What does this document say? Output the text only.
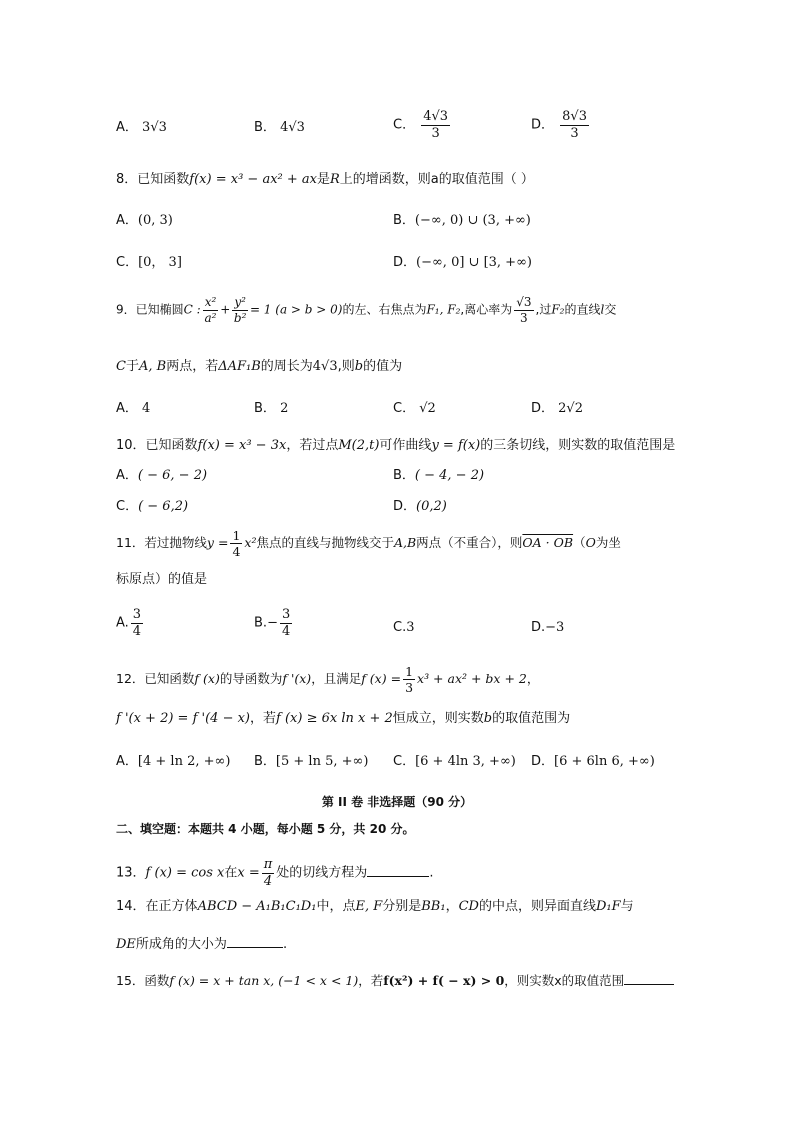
A． 3√3	B． 4√3	C． $\frac{4√3}{3}$	D． $\frac{8√3}{3}$
8．已知函数f(x) = x³ − ax² + ax是R上的增函数，则a的取值范围（ ）
A．(0, 3)	B．(−∞, 0) ∪ (3, +∞)
C．[0， 3]	D．(−∞, 0] ∪ [3, +∞)
9．已知椭圆C : $\frac{\text{x²}}{\text{a²}} + \frac{\text{y²}}{\text{b²}} = 1$ (a > b > 0)的左、右焦点为F₁, F₂,离心率为 $\frac{√3}{3}$ ,过F₂的直线l交
C于A, B两点，若ΔAF₁B的周长为4√3,则b的值为
A． 4	B． 2	C． √2	D． 2√2
10．已知函数f(x) = x³ − 3x，若过点M(2,t)可作曲线y = f(x)的三条切线，则实数的取值范围是
A．( − 6, − 2)	B．( − 4, − 2)
C．( − 6,2)	D．(0,2)
11．若过抛物线$y = \frac{1}{4} x^2$焦点的直线与抛物线交于A,B两点（不重合），则OA · OB（O为坐
标原点）的值是
A. $\frac{3}{4}$	$B.- \frac{3}{4}$	C.3	D.−3
12．已知函数f (x)的导函数为f '(x)，且满足f $(x) = \frac{1}{3} x^3 + ax^2$ + bx + 2，
f '(x + 2) = f '(4 − x)，若f (x) ≥ 6x ln x + 2恒成立，则实数b的取值范围为
A．[4 + ln 2, +∞) B．[5 + ln 5, +∞) C．[6 + 4ln 3, +∞) D．[6 + 6ln 6, +∞)
第 II 卷 非选择题（90 分）
二、填空题：本题共 4 小题，每小题 5 分，共 20 分。
13．f (x) = cos x在$x = \frac{\pi}{4}$ 处的切线方程为	.
14．在正方体ABCD − A₁B₁C₁D₁中，点E, F分别是BB₁，CD的中点，则异面直线D₁F与
DE所成角的大小为	.
15．函数f (x) = x + tan x, (−1 < x < 1)，若f(x²) + f( − x) > 0，则实数x的取值范围
